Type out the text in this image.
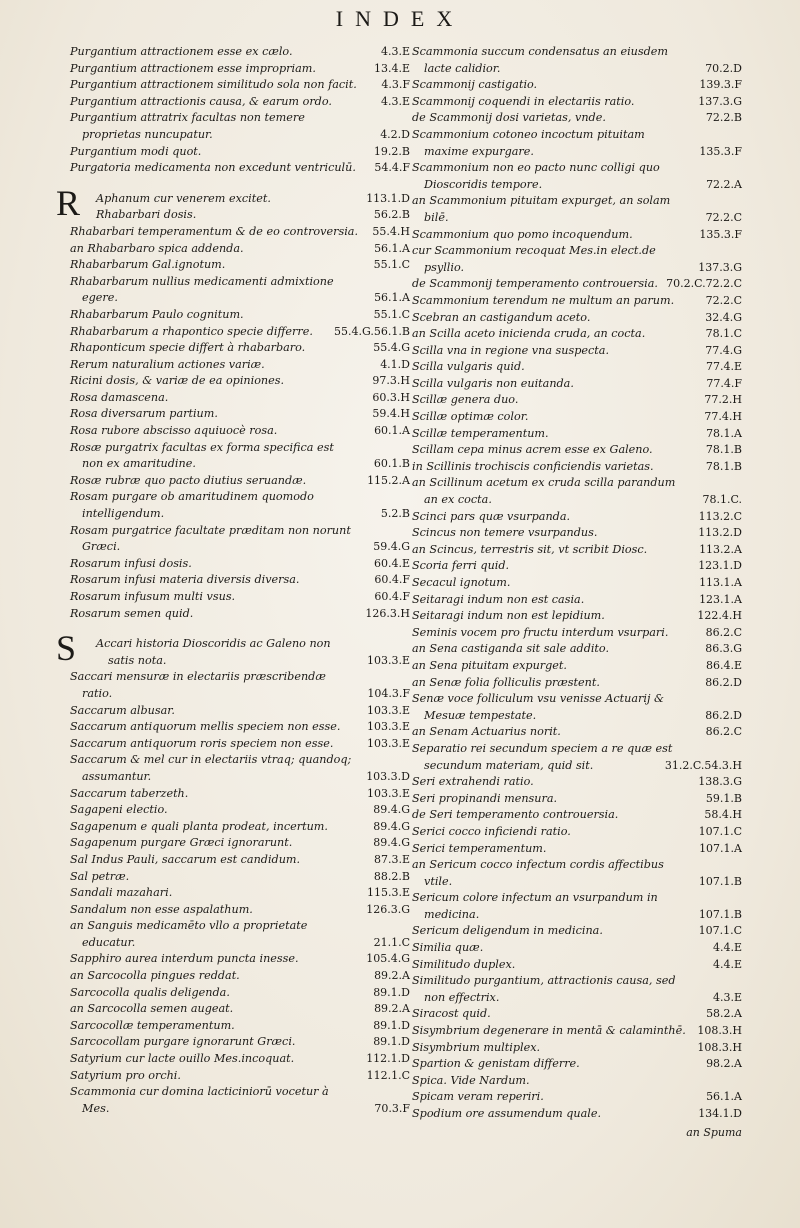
INDEX
Purgantium attractionem esse ex cælo.	4.3.E
Purgantium attractionem esse impropriam.	13.4.E
Purgantium attractionem similitudo sola non facit.	4.3.F
Purgantium attractionis causa, & earum ordo.	4.3.E
Purgantium attratrix facultas non temere proprietas nuncupatur.	4.2.D
Purgantium modi quot.	19.2.B
Purgatoria medicamenta non excedunt ventriculū.	54.4.F
R Aphanum cur venerem excitet.	113.1.D
Rhabarbari dosis.	56.2.B
Rhabarbari temperamentum & de eo controversia.	55.4.H
an Rhabarbaro spica addenda.	56.1.A
Rhabarbarum Gal.ignotum.	55.1.C
Rhabarbarum nullius medicamenti admixtione egere.	56.1.A
Rhabarbarum Paulo cognitum.	55.1.C
Rhabarbarum a rhapontico specie differre.	55.4.G.56.1.B
Rhaponticum specie differt à rhabarbaro.	55.4.G
Rerum naturalium actiones variæ.	4.1.D
Ricini dosis, & variæ de ea opiniones.	97.3.H
Rosa damascena.	60.3.H
Rosa diversarum partium.	59.4.H
Rosa rubore abscisso aquiuocè rosa.	60.1.A
Rosæ purgatrix facultas ex forma specifica est non ex amaritudine.	60.1.B
Rosæ rubræ quo pacto diutius seruandæ.	115.2.A
Rosam purgare ob amaritudinem quomodo intelligendum.	5.2.B
Rosam purgatrice facultate præditam non norunt Græci.	59.4.G
Rosarum infusi dosis.	60.4.E
Rosarum infusi materia diversis diversa.	60.4.F
Rosarum infusum multi vsus.	60.4.F
Rosarum semen quid.	126.3.H
S Accari historia Dioscoridis ac Galeno non satis nota.	103.3.E
Saccari mensuræ in electariis præscribendæ ratio.	104.3.F
Saccarum albusar.	103.3.E
Saccarum antiquorum mellis speciem non esse.	103.3.E
Saccarum antiquorum roris speciem non esse.	103.3.E
Saccarum & mel cur in electariis vtraq; quandoq; assumantur.	103.3.D
Saccarum taberzeth.	103.3.E
Sagapeni electio.	89.4.G
Sagapenum e quali planta prodeat, incertum.	89.4.G
Sagapenum purgare Græci ignorarunt.	89.4.G
Sal Indus Pauli, saccarum est candidum.	87.3.E
Sal petræ.	88.2.B
Sandali mazahari.	115.3.E
Sandalum non esse aspalathum.	126.3.G
an Sanguis medicamēto vllo a proprietate educatur.	21.1.C
Sapphiro aurea interdum puncta inesse.	105.4.G
an Sarcocolla pingues reddat.	89.2.A
Sarcocolla qualis deligenda.	89.1.D
an Sarcocolla semen augeat.	89.2.A
Sarcocollæ temperamentum.	89.1.D
Sarcocollam purgare ignorarunt Græci.	89.1.D
Satyrium cur lacte ouillo Mes.incoquat.	112.1.D
Satyrium pro orchi.	112.1.C
Scammonia cur domina lacticiniorū vocetur à Mes.	70.3.F
Scammonia succum condensatus an eiusdem lacte calidior.	70.2.D
Scammonij castigatio.	139.3.F
Scammonij coquendi in electariis ratio.	137.3.G
de Scammonij dosi varietas, vnde.	72.2.B
Scammonium cotoneo incoctum pituitam maxime expurgare.	135.3.F
Scammonium non eo pacto nunc colligi quo Dioscoridis tempore.	72.2.A
an Scammonium pituitam expurget, an solam bilē.	72.2.C
Scammonium quo pomo incoquendum.	135.3.F
cur Scammonium recoquat Mes.in elect.de psyllio.	137.3.G
de Scammonij temperamento controuersia. 70.2.C.72.2.C
Scammonium terendum ne multum an parum.	72.2.C
Scebran an castigandum aceto.	32.4.G
an Scilla aceto inicienda cruda, an cocta.	78.1.C
Scilla vna in regione vna suspecta.	77.4.G
Scilla vulgaris quid.	77.4.E
Scilla vulgaris non euitanda.	77.4.F
Scillæ genera duo.	77.2.H
Scillæ optimæ color.	77.4.H
Scillæ temperamentum.	78.1.A
Scillam cepa minus acrem esse ex Galeno.	78.1.B
in Scillinis trochiscis conficiendis varietas.	78.1.B
an Scillinum acetum ex cruda scilla parandum an ex cocta.	78.1.C.
Scinci pars quæ vsurpanda.	113.2.C
Scincus non temere vsurpandus.	113.2.D
an Scincus, terrestris sit, vt scribit Diosc.	113.2.A
Scoria ferri quid.	123.1.D
Secacul ignotum.	113.1.A
Seitaragi indum non est casia.	123.1.A
Seitaragi indum non est lepidium.	122.4.H
Seminis vocem pro fructu interdum vsurpari.	86.2.C
an Sena castiganda sit sale addito.	86.3.G
an Sena pituitam expurget.	86.4.E
an Senæ folia folliculis præstent.	86.2.D
Senæ voce folliculum vsu venisse Actuarij & Mesuæ tempestate.	86.2.D
an Senam Actuarius norit.	86.2.C
Separatio rei secundum speciem a re quæ est secundum materiam, quid sit.	31.2.C.54.3.H
Seri extrahendi ratio.	138.3.G
Seri propinandi mensura.	59.1.B
de Seri temperamento controuersia.	58.4.H
Serici cocco inficiendi ratio.	107.1.C
Serici temperamentum.	107.1.A
an Sericum cocco infectum cordis affectibus vtile.	107.1.B
Sericum colore infectum an vsurpandum in medicina.	107.1.B
Sericum deligendum in medicina.	107.1.C
Similia quæ.	4.4.E
Similitudo duplex.	4.4.E
Similitudo purgantium, attractionis causa, sed non effectrix.	4.3.E
Siracost quid.	58.2.A
Sisymbrium degenerare in mentā & calaminthē.	108.3.H
Sisymbrium multiplex.	108.3.H
Spartion & genistam differre.	98.2.A
Spica. Vide Nardum.
Spicam veram reperiri.	56.1.A
Spodium ore assumendum quale.	134.1.D
an Spuma
